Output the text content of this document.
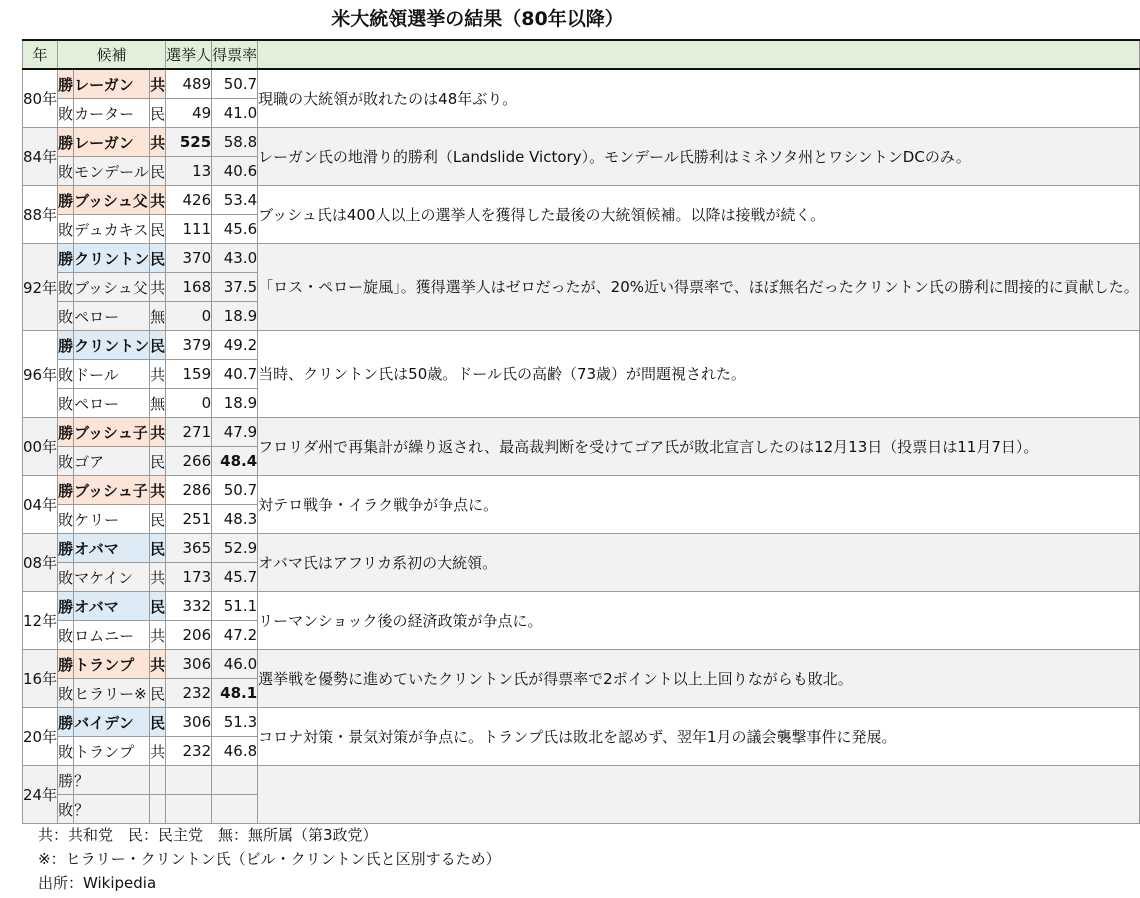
米大統領選挙の結果（80年以降）
年	候補			選挙人	得票率	
80年	勝	レーガン	共	489	50.7	現職の大統領が敗れたのは48年ぶり。
	敗	カーター	民	49	41.0	
84年	勝	レーガン	共	525	58.8	レーガン氏の地滑り的勝利（Landslide Victory）。モンデール氏勝利はミネソタ州とワシントンDCのみ。
	敗	モンデール	民	13	40.6	
88年	勝	ブッシュ父	共	426	53.4	ブッシュ氏は400人以上の選挙人を獲得した最後の大統領候補。以降は接戦が続く。
	敗	デュカキス	民	111	45.6	
92年	勝	クリントン	民	370	43.0	「ロス・ペロー旋風」。獲得選挙人はゼロだったが、20%近い得票率で、ほぼ無名だったクリントン氏の勝利に間接的に貢献した。
	敗	ブッシュ父	共	168	37.5	
	敗	ペロー	無	0	18.9	
96年	勝	クリントン	民	379	49.2	当時、クリントン氏は50歳。ドール氏の高齢（73歳）が問題視された。
	敗	ドール	共	159	40.7	
	敗	ペロー	無	0	18.9	
00年	勝	ブッシュ子	共	271	47.9	フロリダ州で再集計が繰り返され、最高裁判断を受けてゴア氏が敗北宣言したのは12月13日（投票日は11月7日）。
	敗	ゴア	民	266	48.4	
04年	勝	ブッシュ子	共	286	50.7	対テロ戦争・イラク戦争が争点に。
	敗	ケリー	民	251	48.3	
08年	勝	オバマ	民	365	52.9	オバマ氏はアフリカ系初の大統領。
	敗	マケイン	共	173	45.7	
12年	勝	オバマ	民	332	51.1	リーマンショック後の経済政策が争点に。
	敗	ロムニー	共	206	47.2	
16年	勝	トランプ	共	306	46.0	選挙戦を優勢に進めていたクリントン氏が得票率で2ポイント以上上回りながらも敗北。
	敗	ヒラリー※	民	232	48.1	
20年	勝	バイデン	民	306	51.3	コロナ対策・景気対策が争点に。トランプ氏は敗北を認めず、翌年1月の議会襲撃事件に発展。
	敗	トランプ	共	232	46.8	
24年	勝	？				
	敗	？				
共：共和党　民：民主党　無：無所属（第3政党）
※：ヒラリー・クリントン氏（ビル・クリントン氏と区別するため）
出所：Wikipedia
